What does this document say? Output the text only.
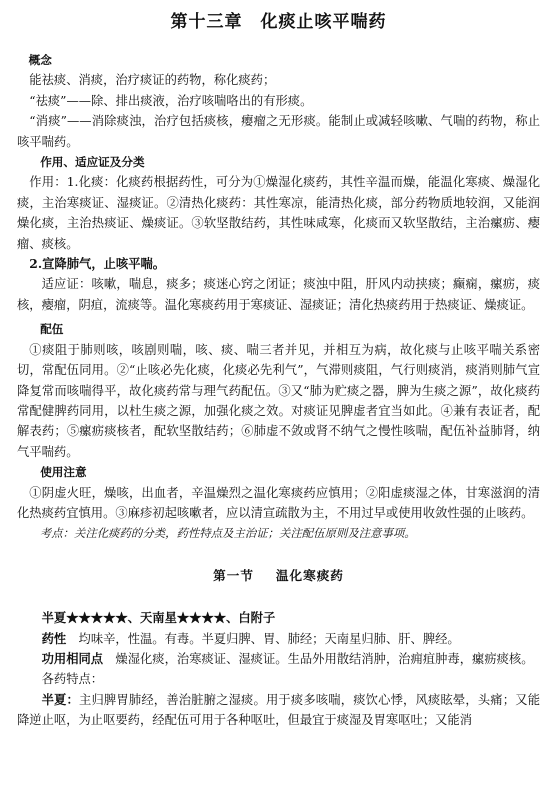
第十三章　化痰止咳平喘药

概念

能祛痰、消痰，治疗痰证的药物，称化痰药；

“祛痰”——除、排出痰液，治疗咳喘咯出的有形痰。

“消痰”——消除痰浊，治疗包括痰核，瘿瘤之无形痰。能制止或减轻咳嗽、气喘的药物，称止咳平喘药。

作用、适应证及分类

作用：1.化痰：化痰药根据药性，可分为①燥湿化痰药，其性辛温而燥，能温化寒痰、燥湿化痰，主治寒痰证、湿痰证。②清热化痰药：其性寒凉，能清热化痰，部分药物质地较润，又能润燥化痰，主治热痰证、燥痰证。③软坚散结药，其性味咸寒，化痰而又软坚散结，主治瘰疬、瘿瘤、痰核。

2.宣降肺气，止咳平喘。

适应证：咳嗽，喘息，痰多；痰迷心窍之闭证；痰浊中阻，肝风内动挟痰；癫痫，瘰疬，痰核，瘿瘤，阴疽，流痰等。温化寒痰药用于寒痰证、湿痰证；清化热痰药用于热痰证、燥痰证。

配伍

①痰阻于肺则咳，咳剧则喘，咳、痰、喘三者并见，并相互为病，故化痰与止咳平喘关系密切，常配伍同用。②“止咳必先化痰，化痰必先利气”，气滞则痰阻，气行则痰消，痰消则肺气宣降复常而咳喘得平，故化痰药常与理气药配伍。③又“肺为贮痰之器，脾为生痰之源”，故化痰药常配健脾药同用，以杜生痰之源，加强化痰之效。对痰证见脾虚者宜当如此。④兼有表证者，配解表药；⑤瘰疬痰核者，配软坚散结药；⑥肺虚不敛或肾不纳气之慢性咳喘，配伍补益肺肾，纳气平喘药。

使用注意

①阴虚火旺，燥咳，出血者，辛温燥烈之温化寒痰药应慎用；②阳虚痰湿之体，甘寒滋润的清化热痰药宜慎用。③麻疹初起咳嗽者，应以清宣疏散为主，不用过早或使用收敛性强的止咳药。

考点：关注化痰药的分类，药性特点及主治证；关注配伍原则及注意事项。

第一节 温化寒痰药

半夏★★★★★、天南星★★★★、白附子

药性　 均味辛，性温。有毒。半夏归脾、胃、肺经；天南星归肺、肝、脾经。

功用相同点　 燥湿化痰，治寒痰证、湿痰证。生品外用散结消肿，治痈疽肿毒，瘰疬痰核。

各药特点：

半夏：主归脾胃肺经，善治脏腑之湿痰。用于痰多咳喘，痰饮心悸，风痰眩晕，头痛；又能降逆止呕，为止呕要药，经配伍可用于各种呕吐，但最宜于痰湿及胃寒呕吐；又能消
